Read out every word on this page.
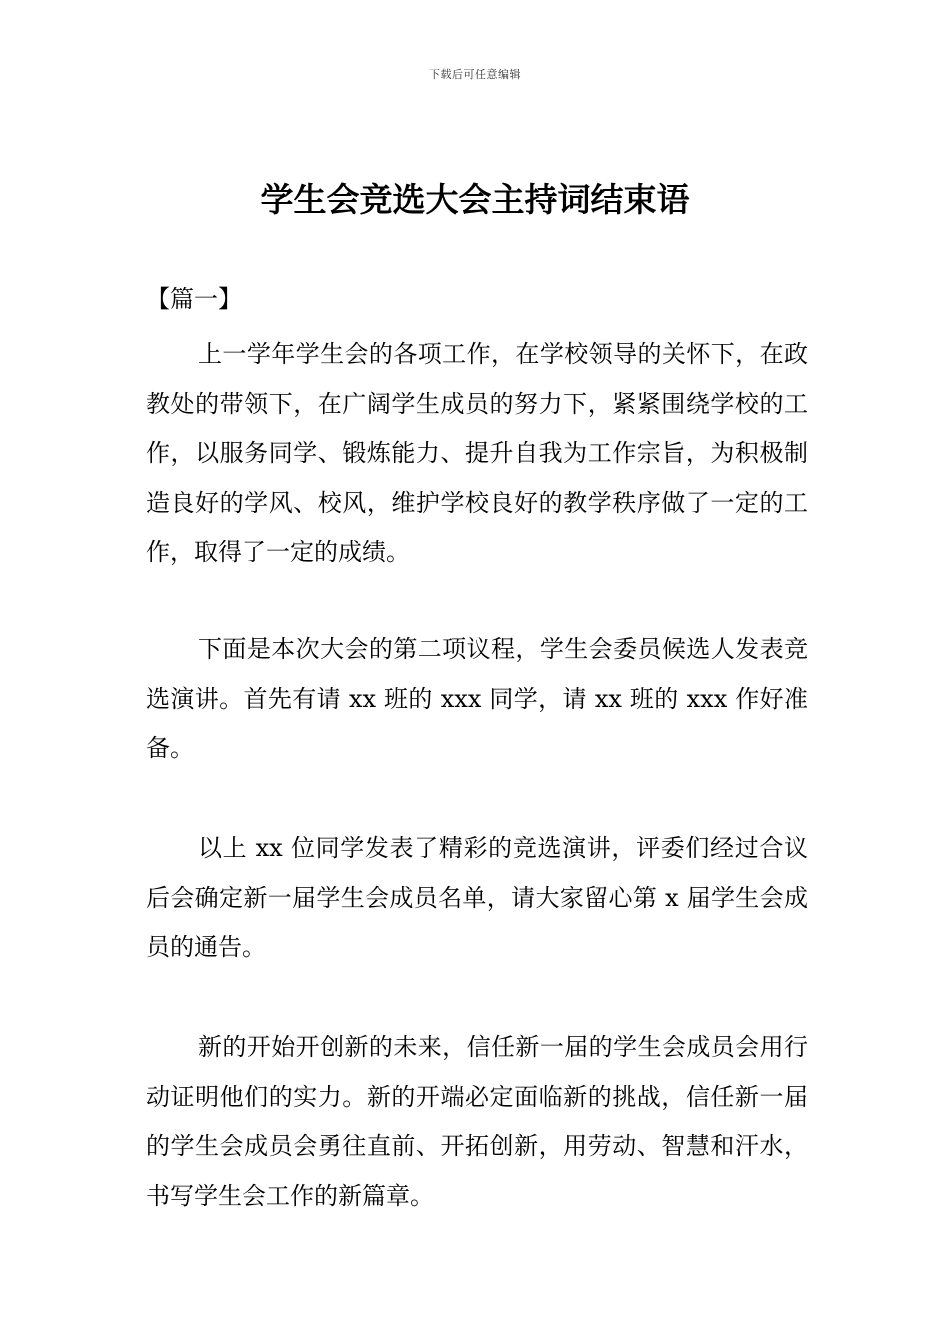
下载后可任意编辑
学生会竞选大会主持词结束语

【篇一】

上一学年学生会的各项工作，在学校领导的关怀下，在政教处的带领下，在广阔学生成员的努力下，紧紧围绕学校的工作，以服务同学、锻炼能力、提升自我为工作宗旨，为积极制造良好的学风、校风，维护学校良好的教学秩序做了一定的工作，取得了一定的成绩。

下面是本次大会的第二项议程，学生会委员候选人发表竞选演讲。首先有请 xx 班的 xxx 同学，请 xx 班的 xxx 作好准备。

以上 xx 位同学发表了精彩的竞选演讲，评委们经过合议后会确定新一届学生会成员名单，请大家留心第 x 届学生会成员的通告。

新的开始开创新的未来，信任新一届的学生会成员会用行动证明他们的实力。新的开端必定面临新的挑战，信任新一届的学生会成员会勇往直前、开拓创新，用劳动、智慧和汗水，书写学生会工作的新篇章。
